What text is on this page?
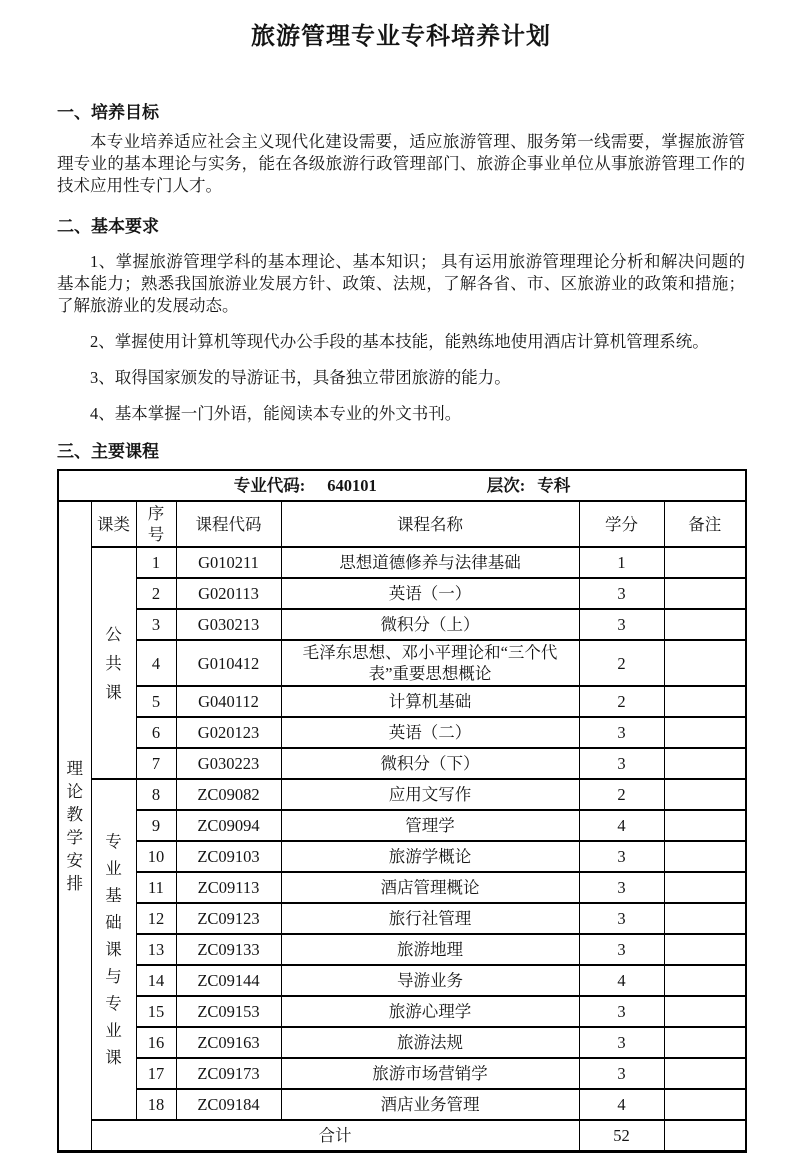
旅游管理专业专科培养计划
一、培养目标

本专业培养适应社会主义现代化建设需要，适应旅游管理、服务第一线需要，掌握旅游管理专业的基本理论与实务，能在各级旅游行政管理部门、旅游企事业单位从事旅游管理工作的技术应用性专门人才。

二、基本要求

1、掌握旅游管理学科的基本理论、基本知识； 具有运用旅游管理理论分析和解决问题的基本能力；熟悉我国旅游业发展方针、政策、法规，了解各省、市、区旅游业的政策和措施；了解旅游业的发展动态。

2、掌握使用计算机等现代办公手段的基本技能，能熟练地使用酒店计算机管理系统。

3、取得国家颁发的导游证书，具备独立带团旅游的能力。

4、基本掌握一门外语，能阅读本专业的外文书刊。

三、主要课程
专业代码: 640101 层次: 专科						
理论教学安排	课类	序号	课程代码	课程名称	学分	备注
	公共课	1	G010211	思想道德修养与法律基础	1	
		2	G020113	英语（一）	3	
		3	G030213	微积分（上）	3	
		4	G010412	毛泽东思想、邓小平理论和“三个代表”重要思想概论	2	
		5	G040112	计算机基础	2	
		6	G020123	英语（二）	3	
		7	G030223	微积分（下）	3	
	专业基础课与专业课	8	ZC09082	应用文写作	2	
		9	ZC09094	管理学	4	
		10	ZC09103	旅游学概论	3	
		11	ZC09113	酒店管理概论	3	
		12	ZC09123	旅行社管理	3	
		13	ZC09133	旅游地理	3	
		14	ZC09144	导游业务	4	
		15	ZC09153	旅游心理学	3	
		16	ZC09163	旅游法规	3	
		17	ZC09173	旅游市场营销学	3	
		18	ZC09184	酒店业务管理	4	
	合计				52	
